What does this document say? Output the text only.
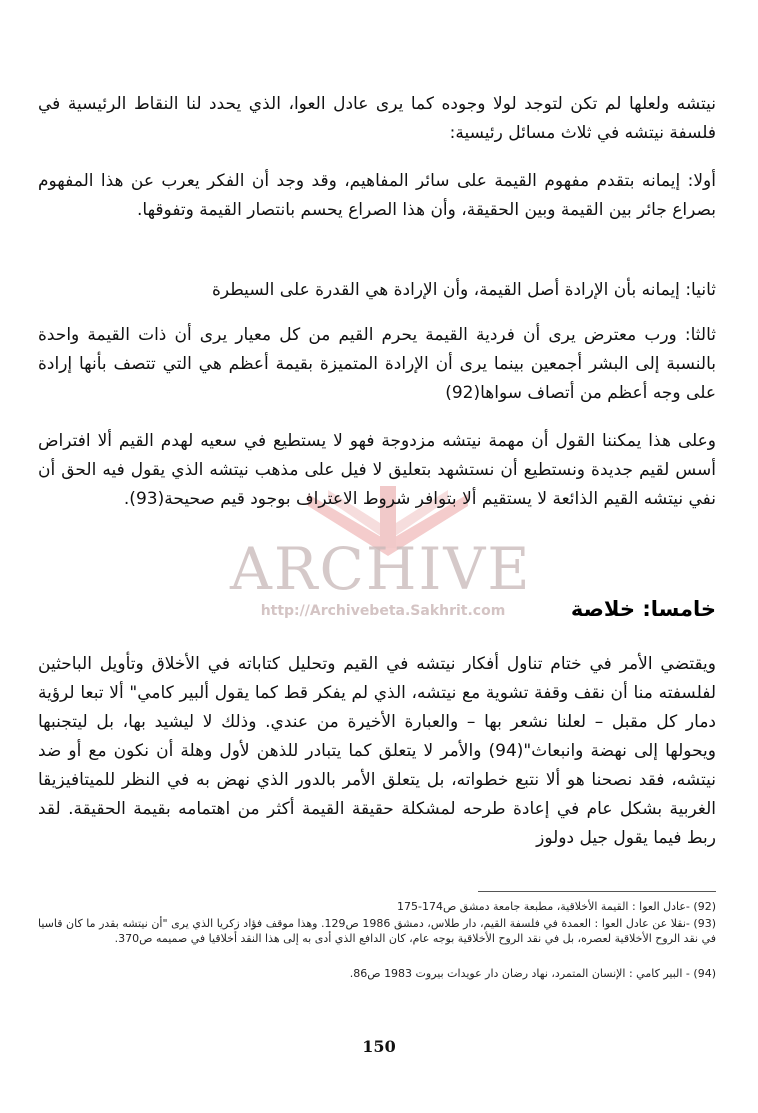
ARCHIVE
http://Archivebeta.Sakhrit.com
نيتشه ولعلها لم تكن لتوجد لولا وجوده كما يرى عادل العوا، الذي يحدد لنا النقاط الرئيسية في فلسفة نيتشه في ثلاث مسائل رئيسية:
أولا: إيمانه بتقدم مفهوم القيمة على سائر المفاهيم، وقد وجد أن الفكر يعرب عن هذا المفهوم بصراع جائر بين القيمة وبين الحقيقة، وأن هذا الصراع يحسم بانتصار القيمة وتفوقها.
ثانيا: إيمانه بأن الإرادة أصل القيمة، وأن الإرادة هي القدرة على السيطرة
ثالثا: ورب معترض يرى أن فردية القيمة يحرم القيم من كل معيار يرى أن ذات القيمة واحدة بالنسبة إلى البشر أجمعين بينما يرى أن الإرادة المتميزة بقيمة أعظم هي التي تتصف بأنها إرادة على وجه أعظم من أتصاف سواها(92)
وعلى هذا يمكننا القول أن مهمة نيتشه مزدوجة فهو لا يستطيع في سعيه لهدم القيم ألا افتراض أسس لقيم جديدة ونستطيع أن نستشهد بتعليق لا فيل على مذهب نيتشه الذي يقول فيه الحق أن نفي نيتشه القيم الذائعة لا يستقيم ألا بتوافر شروط الاعتراف بوجود قيم صحيحة(93).
خامسا: خلاصة
ويقتضي الأمر في ختام تناول أفكار نيتشه في القيم وتحليل كتاباته في الأخلاق وتأويل الباحثين لفلسفته منا أن نقف وقفة تشوية مع نيتشه، الذي لم يفكر قط كما يقول ألبير كامي" ألا تبعا لرؤية دمار كل مقبل – لعلنا نشعر بها – والعبارة الأخيرة من عندي. وذلك لا ليشيد بها، بل ليتجنبها ويحولها إلى نهضة وانبعاث"(94) والأمر لا يتعلق كما يتبادر للذهن لأول وهلة أن نكون مع أو ضد نيتشه، فقد نصحنا هو ألا نتبع خطواته، بل يتعلق الأمر بالدور الذي نهض به في النظر للميتافيزيقا الغربية بشكل عام في إعادة طرحه لمشكلة حقيقة القيمة أكثر من اهتمامه بقيمة الحقيقة. لقد ربط فيما يقول جيل دولوز
(92) -عادل العوا : القيمة الأخلاقية، مطبعة جامعة دمشق ص174-175
(93) -نقلا عن عادل العوا : العمدة في فلسفة القيم، دار طلاس، دمشق 1986 ص129. وهذا موقف فؤاد زكريا الذي يرى "أن نيتشه بقدر ما كان قاسيا في نقد الروح الأخلاقية لعصره، بل في نقد الروح الأخلاقية بوجه عام، كان الدافع الذي أدى به إلى هذا النقد أخلاقيا في صميمه ص370.
(94) - البير كامي : الإنسان المتمرد، نهاد رضان دار عويدات بيروت 1983 ص86.
150
